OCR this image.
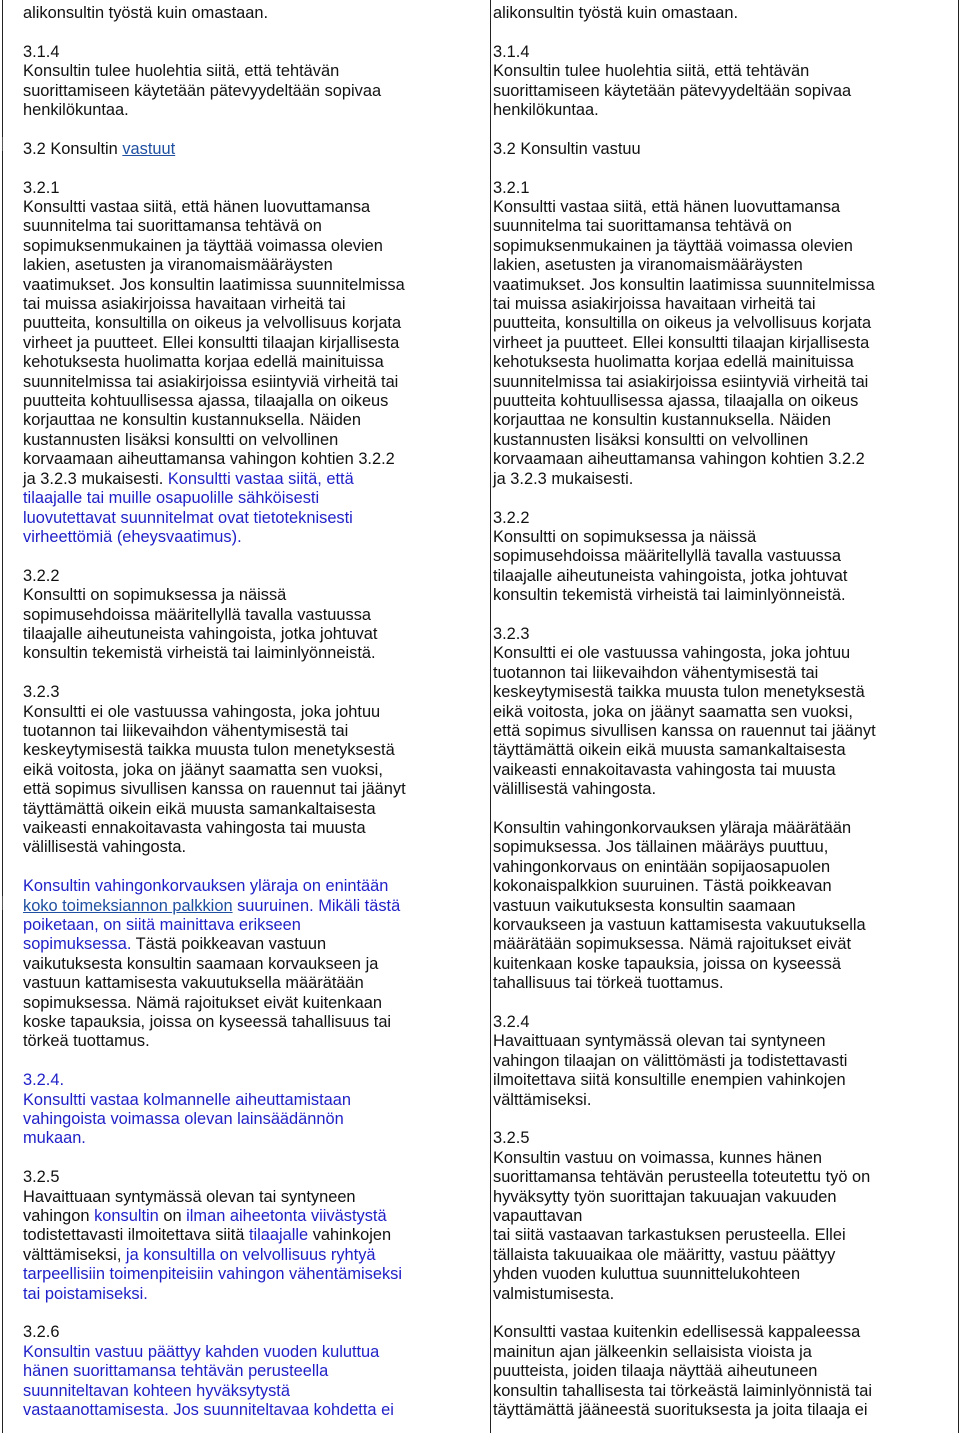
alikonsultin työstä kuin omastaan.
3.1.4
Konsultin tulee huolehtia siitä, että tehtävän
suorittamiseen käytetään pätevyydeltään sopivaa
henkilökuntaa.
3.2 Konsultin vastuut
3.2.1
Konsultti vastaa siitä, että hänen luovuttamansa
suunnitelma tai suorittamansa tehtävä on
sopimuksenmukainen ja täyttää voimassa olevien
lakien, asetusten ja viranomaismääräysten
vaatimukset. Jos konsultin laatimissa suunnitelmissa
tai muissa asiakirjoissa havaitaan virheitä tai
puutteita, konsultilla on oikeus ja velvollisuus korjata
virheet ja puutteet. Ellei konsultti tilaajan kirjallisesta
kehotuksesta huolimatta korjaa edellä mainituissa
suunnitelmissa tai asiakirjoissa esiintyviä virheitä tai
puutteita kohtuullisessa ajassa, tilaajalla on oikeus
korjauttaa ne konsultin kustannuksella. Näiden
kustannusten lisäksi konsultti on velvollinen
korvaamaan aiheuttamansa vahingon kohtien 3.2.2
ja 3.2.3 mukaisesti. Konsultti vastaa siitä, että
tilaajalle tai muille osapuolille sähköisesti
luovutettavat suunnitelmat ovat tietoteknisesti
virheettömiä (eheysvaatimus).
3.2.2
Konsultti on sopimuksessa ja näissä
sopimusehdoissa määritellyllä tavalla vastuussa
tilaajalle aiheutuneista vahingoista, jotka johtuvat
konsultin tekemistä virheistä tai laiminlyönneistä.
3.2.3
Konsultti ei ole vastuussa vahingosta, joka johtuu
tuotannon tai liikevaihdon vähentymisestä tai
keskeytymisestä taikka muusta tulon menetyksestä
eikä voitosta, joka on jäänyt saamatta sen vuoksi,
että sopimus sivullisen kanssa on rauennut tai jäänyt
täyttämättä oikein eikä muusta samankaltaisesta
vaikeasti ennakoitavasta vahingosta tai muusta
välillisestä vahingosta.
Konsultin vahingonkorvauksen yläraja on enintään
koko toimeksiannon palkkion suuruinen. Mikäli tästä
poiketaan, on siitä mainittava erikseen
sopimuksessa. Tästä poikkeavan vastuun
vaikutuksesta konsultin saamaan korvaukseen ja
vastuun kattamisesta vakuutuksella määrätään
sopimuksessa. Nämä rajoitukset eivät kuitenkaan
koske tapauksia, joissa on kyseessä tahallisuus tai
törkeä tuottamus.
3.2.4.
Konsultti vastaa kolmannelle aiheuttamistaan
vahingoista voimassa olevan lainsäädännön
mukaan.
3.2.5
Havaittuaan syntymässä olevan tai syntyneen
vahingon konsultin on ilman aiheetonta viivästystä
todistettavasti ilmoitettava siitä tilaajalle vahinkojen
välttämiseksi, ja konsultilla on velvollisuus ryhtyä
tarpeellisiin toimenpiteisiin vahingon vähentämiseksi
tai poistamiseksi.
3.2.6
Konsultin vastuu päättyy kahden vuoden kuluttua
hänen suorittamansa tehtävän perusteella
suunniteltavan kohteen hyväksytystä
vastaanottamisesta. Jos suunniteltavaa kohdetta ei
alikonsultin työstä kuin omastaan.
3.1.4
Konsultin tulee huolehtia siitä, että tehtävän
suorittamiseen käytetään pätevyydeltään sopivaa
henkilökuntaa.
3.2 Konsultin vastuu
3.2.1
Konsultti vastaa siitä, että hänen luovuttamansa
suunnitelma tai suorittamansa tehtävä on
sopimuksenmukainen ja täyttää voimassa olevien
lakien, asetusten ja viranomaismääräysten
vaatimukset. Jos konsultin laatimissa suunnitelmissa
tai muissa asiakirjoissa havaitaan virheitä tai
puutteita, konsultilla on oikeus ja velvollisuus korjata
virheet ja puutteet. Ellei konsultti tilaajan kirjallisesta
kehotuksesta huolimatta korjaa edellä mainituissa
suunnitelmissa tai asiakirjoissa esiintyviä virheitä tai
puutteita kohtuullisessa ajassa, tilaajalla on oikeus
korjauttaa ne konsultin kustannuksella. Näiden
kustannusten lisäksi konsultti on velvollinen
korvaamaan aiheuttamansa vahingon kohtien 3.2.2
ja 3.2.3 mukaisesti.
3.2.2
Konsultti on sopimuksessa ja näissä
sopimusehdoissa määritellyllä tavalla vastuussa
tilaajalle aiheutuneista vahingoista, jotka johtuvat
konsultin tekemistä virheistä tai laiminlyönneistä.
3.2.3
Konsultti ei ole vastuussa vahingosta, joka johtuu
tuotannon tai liikevaihdon vähentymisestä tai
keskeytymisestä taikka muusta tulon menetyksestä
eikä voitosta, joka on jäänyt saamatta sen vuoksi,
että sopimus sivullisen kanssa on rauennut tai jäänyt
täyttämättä oikein eikä muusta samankaltaisesta
vaikeasti ennakoitavasta vahingosta tai muusta
välillisestä vahingosta.
Konsultin vahingonkorvauksen yläraja määrätään
sopimuksessa. Jos tällainen määräys puuttuu,
vahingonkorvaus on enintään sopijaosapuolen
kokonaispalkkion suuruinen. Tästä poikkeavan
vastuun vaikutuksesta konsultin saamaan
korvaukseen ja vastuun kattamisesta vakuutuksella
määrätään sopimuksessa. Nämä rajoitukset eivät
kuitenkaan koske tapauksia, joissa on kyseessä
tahallisuus tai törkeä tuottamus.
3.2.4
Havaittuaan syntymässä olevan tai syntyneen
vahingon tilaajan on välittömästi ja todistettavasti
ilmoitettava siitä konsultille enempien vahinkojen
välttämiseksi.
3.2.5
Konsultin vastuu on voimassa, kunnes hänen
suorittamansa tehtävän perusteella toteutettu työ on
hyväksytty työn suorittajan takuuajan vakuuden
vapauttavan
tai siitä vastaavan tarkastuksen perusteella. Ellei
tällaista takuuaikaa ole määritty, vastuu päättyy
yhden vuoden kuluttua suunnittelukohteen
valmistumisesta.
Konsultti vastaa kuitenkin edellisessä kappaleessa
mainitun ajan jälkeenkin sellaisista vioista ja
puutteista, joiden tilaaja näyttää aiheutuneen
konsultin tahallisesta tai törkeästä laiminlyönnistä tai
täyttämättä jääneestä suorituksesta ja joita tilaaja ei
